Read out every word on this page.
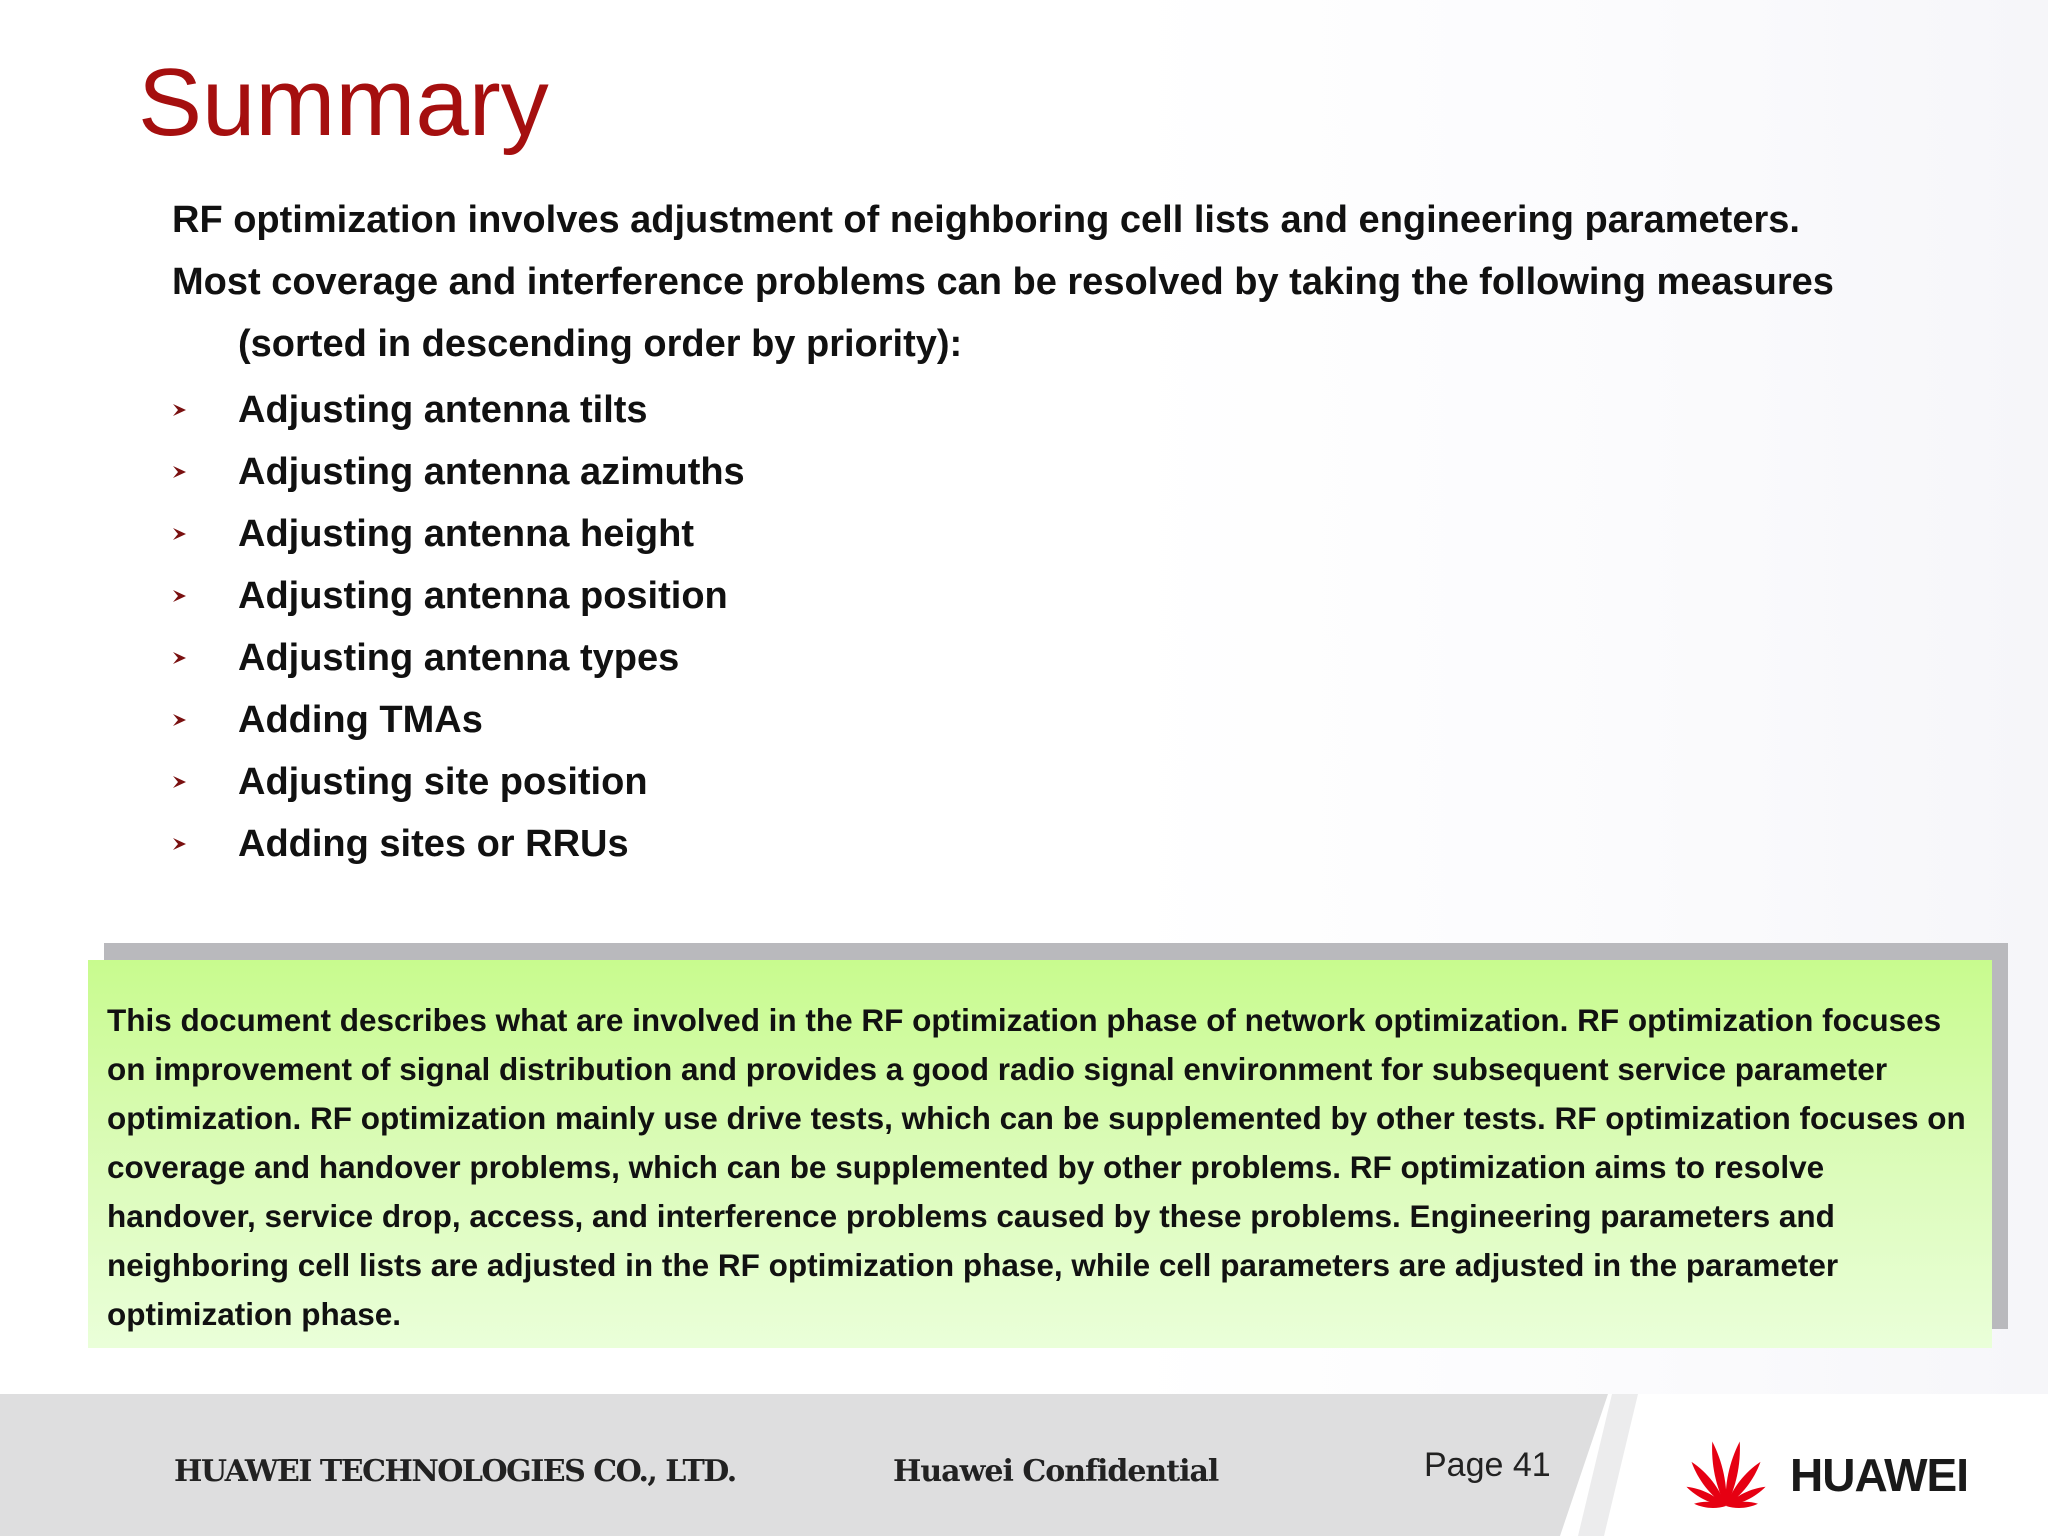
Summary
RF optimization involves adjustment of neighboring cell lists and engineering parameters.
Most coverage and interference problems can be resolved by taking the following measures
(sorted in descending order by priority):
Adjusting antenna tilts
Adjusting antenna azimuths
Adjusting antenna height
Adjusting antenna position
Adjusting antenna types
Adding TMAs
Adjusting site position
Adding sites or RRUs

This document describes what are involved in the RF optimization phase of network optimization. RF optimization focuses on improvement of signal distribution and provides a good radio signal environment for subsequent service parameter optimization. RF optimization mainly use drive tests, which can be supplemented by other tests. RF optimization focuses on coverage and handover problems, which can be supplemented by other problems. RF optimization aims to resolve handover, service drop, access, and interference problems caused by these problems. Engineering parameters and neighboring cell lists are adjusted in the RF optimization phase, while cell parameters are adjusted in the parameter optimization phase.

HUAWEI TECHNOLOGIES CO., LTD.	Huawei Confidential	Page 41	HUAWEI
